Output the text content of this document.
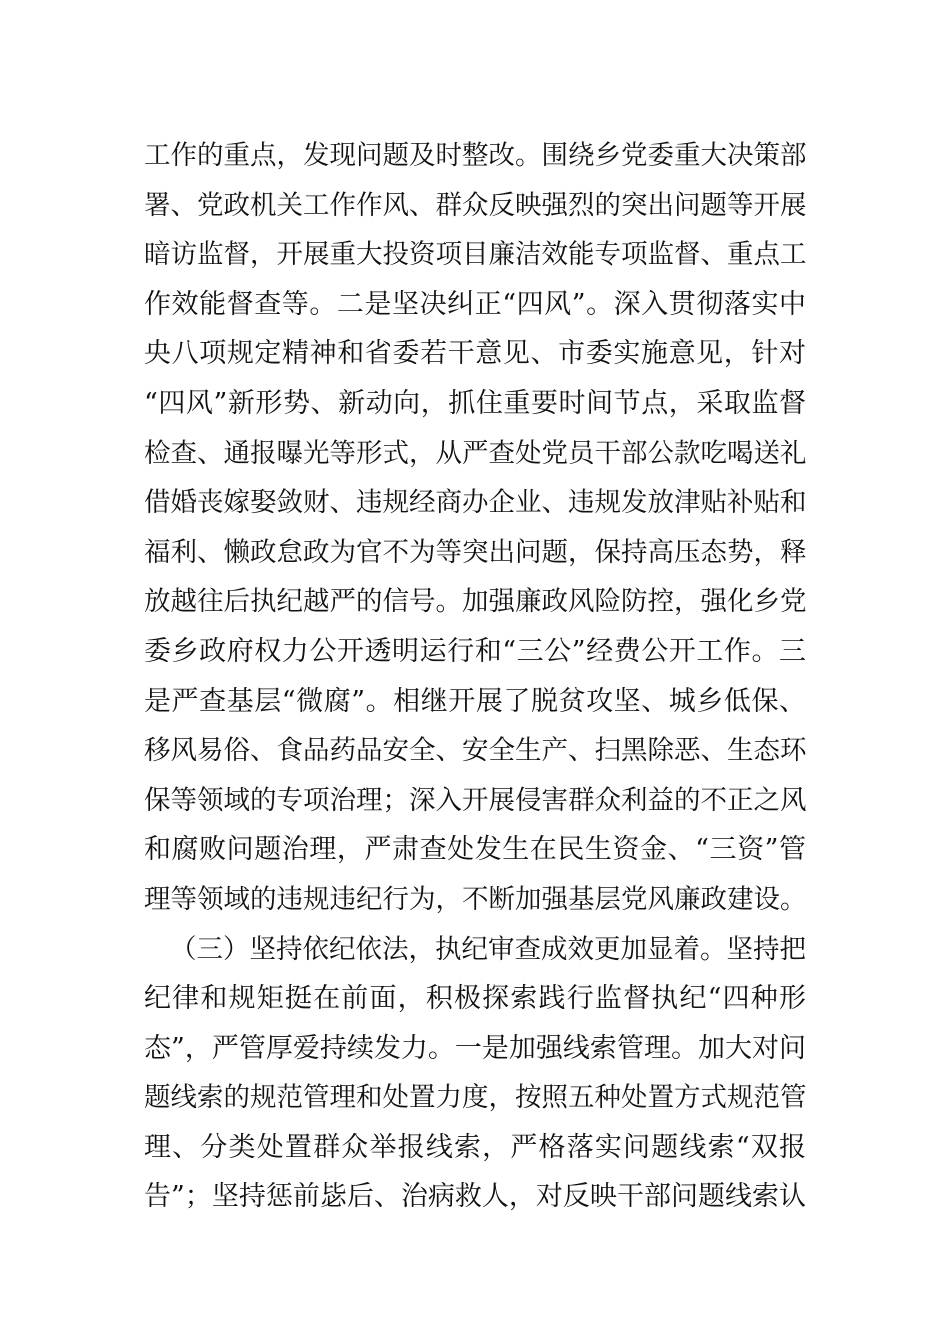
工作的重点，发现问题及时整改。围绕乡党委重大决策部
署、党政机关工作作风、群众反映强烈的突出问题等开展
暗访监督，开展重大投资项目廉洁效能专项监督、重点工
作效能督查等。二是坚决纠正“四风”。深入贯彻落实中
央八项规定精神和省委若干意见、市委实施意见，针对
“四风”新形势、新动向，抓住重要时间节点，采取监督
检查、通报曝光等形式，从严查处党员干部公款吃喝送礼
借婚丧嫁娶敛财、违规经商办企业、违规发放津贴补贴和
福利、懒政怠政为官不为等突出问题，保持高压态势，释
放越往后执纪越严的信号。加强廉政风险防控，强化乡党
委乡政府权力公开透明运行和“三公”经费公开工作。三
是严查基层“微腐”。相继开展了脱贫攻坚、城乡低保、
移风易俗、食品药品安全、安全生产、扫黑除恶、生态环
保等领域的专项治理；深入开展侵害群众利益的不正之风
和腐败问题治理，严肃查处发生在民生资金、“三资”管
理等领域的违规违纪行为，不断加强基层党风廉政建设。
（三）坚持依纪依法，执纪审查成效更加显着。坚持把
纪律和规矩挺在前面，积极探索践行监督执纪“四种形
态”，严管厚爱持续发力。一是加强线索管理。加大对问
题线索的规范管理和处置力度，按照五种处置方式规范管
理、分类处置群众举报线索，严格落实问题线索“双报
告”；坚持惩前毖后、治病救人，对反映干部问题线索认
